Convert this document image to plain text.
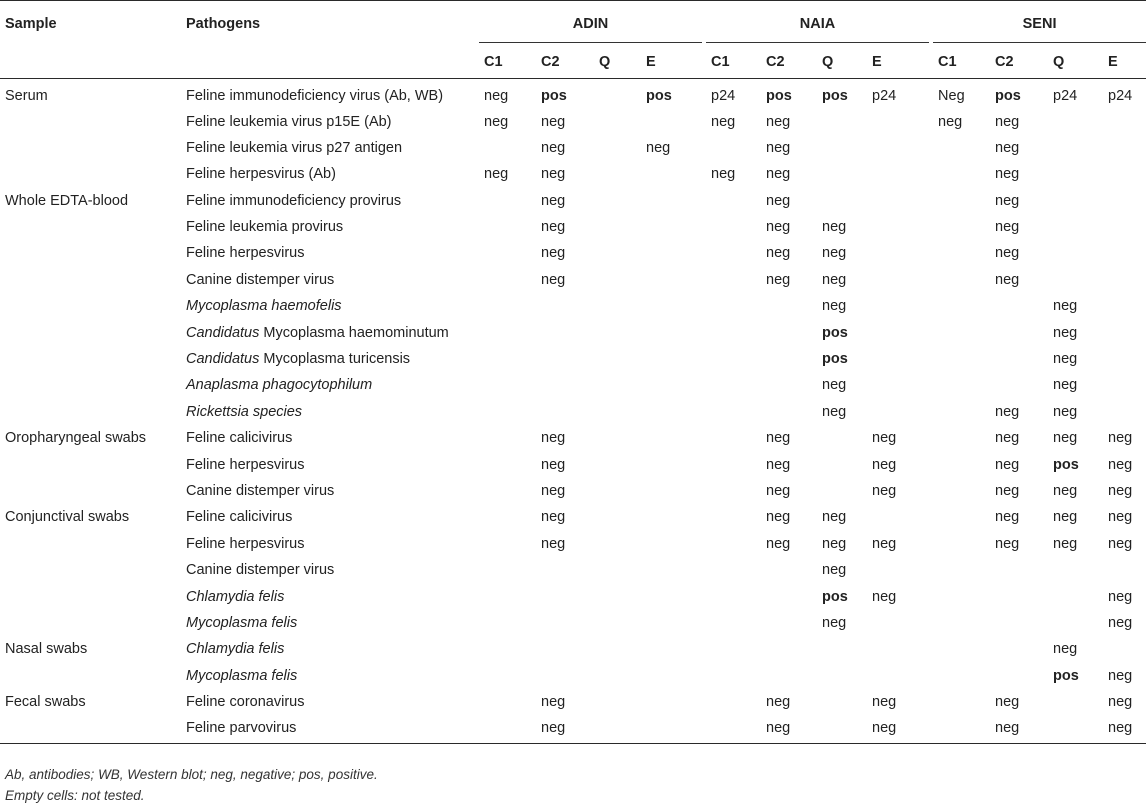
Sample	Pathogens	ADIN					NAIA					SENI			
		C1	C2	Q	E		C1	C2	Q	E		C1	C2	Q	E
Serum	Feline immunodeficiency virus (Ab, WB)	neg	pos		pos		p24	pos	pos	p24		Neg	pos	p24	p24
	Feline leukemia virus p15E (Ab)	neg	neg				neg	neg				neg	neg		
	Feline leukemia virus p27 antigen		neg		neg			neg					neg		
	Feline herpesvirus (Ab)	neg	neg				neg	neg					neg		
Whole EDTA-blood	Feline immunodeficiency provirus		neg					neg					neg		
	Feline leukemia provirus		neg					neg	neg				neg		
	Feline herpesvirus		neg					neg	neg				neg		
	Canine distemper virus		neg					neg	neg				neg		
	Mycoplasma haemofelis								neg					neg	
	Candidatus Mycoplasma haemominutum								pos					neg	
	Candidatus Mycoplasma turicensis								pos					neg	
	Anaplasma phagocytophilum								neg					neg	
	Rickettsia species								neg				neg	neg	
Oropharyngeal swabs	Feline calicivirus		neg					neg		neg			neg	neg	neg
	Feline herpesvirus		neg					neg		neg			neg	pos	neg
	Canine distemper virus		neg					neg		neg			neg	neg	neg
Conjunctival swabs	Feline calicivirus		neg					neg	neg				neg	neg	neg
	Feline herpesvirus		neg					neg	neg	neg			neg	neg	neg
	Canine distemper virus								neg						
	Chlamydia felis								pos	neg					neg
	Mycoplasma felis								neg						neg
Nasal swabs	Chlamydia felis													neg	
	Mycoplasma felis													pos	neg
Fecal swabs	Feline coronavirus		neg					neg		neg			neg		neg
	Feline parvovirus		neg					neg		neg			neg		neg
Ab, antibodies; WB, Western blot; neg, negative; pos, positive.
Empty cells: not tested.
